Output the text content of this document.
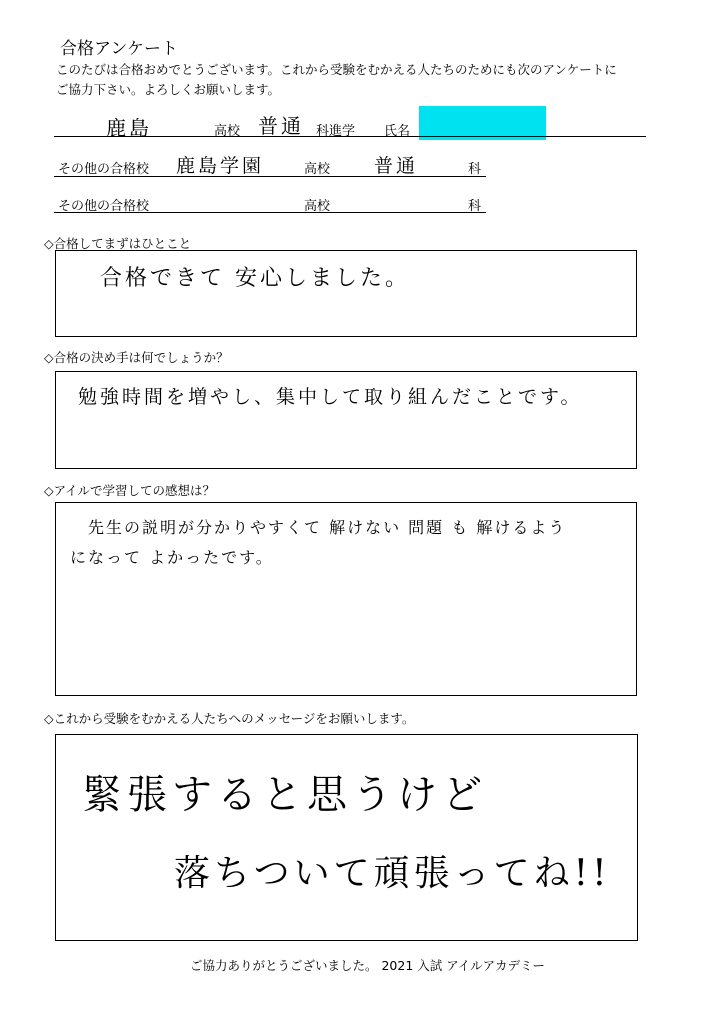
合格アンケート
このたびは合格おめでとうございます。これから受験をむかえる人たちのためにも次のアンケートに
ご協力下さい。よろしくお願いします。
鹿島	高校 普通 科進学 氏名
その他の合格校 鹿島学園	高校 普通	科
その他の合格校	高校	科
◇合格してまずはひとこと
合格できて 安心しました。
◇合格の決め手は何でしょうか？
勉強時間を増やし、集中して取り組んだことです。
◇アイルで学習しての感想は？
先生の説明が分かりやすくて 解けない 問題 も 解けるよう
になって よかったです。
◇これから受験をむかえる人たちへのメッセージをお願いします。
緊張すると思うけど
落ちついて頑張ってね!!
ご協力ありがとうございました。 2021 入試 アイルアカデミー
